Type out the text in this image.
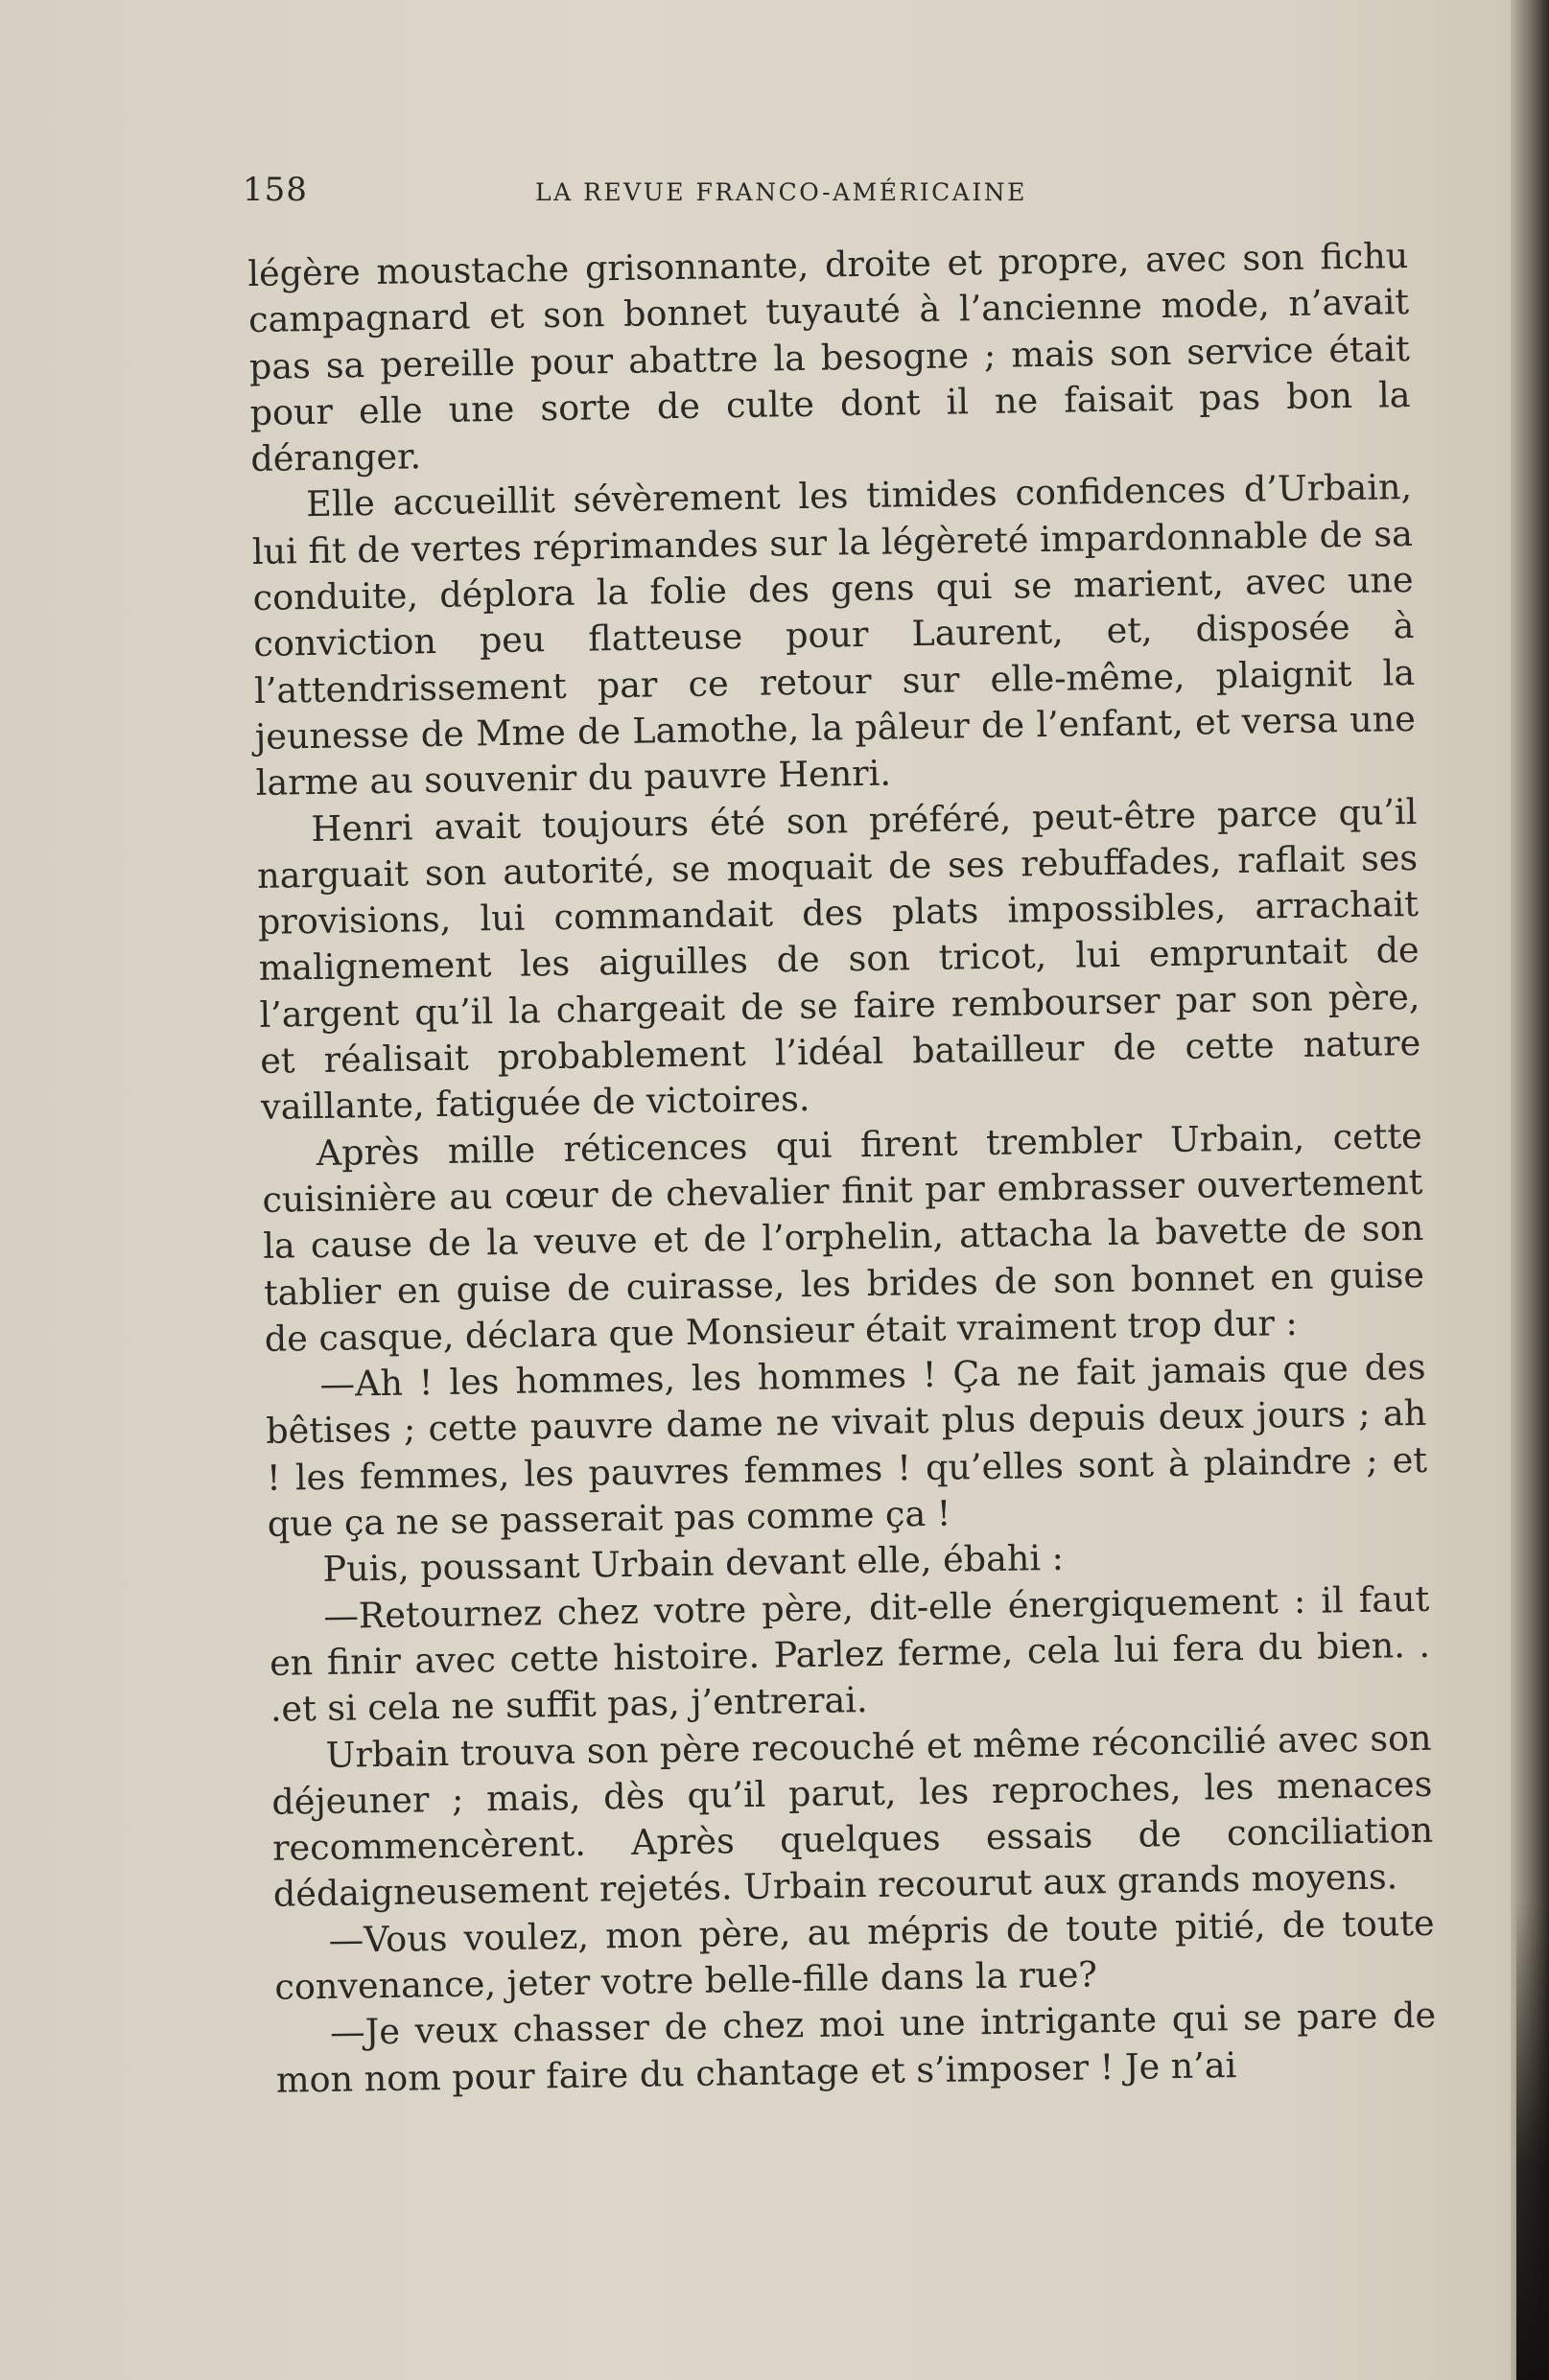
158	LA REVUE FRANCO-AMÉRICAINE

légère moustache grisonnante, droite et propre, avec son fichu campagnard et son bonnet tuyauté à l’ancienne mode, n’avait pas sa pereille pour abattre la besogne ; mais son service était pour elle une sorte de culte dont il ne faisait pas bon la déranger.

Elle accueillit sévèrement les timides confidences d’Urbain, lui fit de vertes réprimandes sur la légèreté impardonnable de sa conduite, déplora la folie des gens qui se marient, avec une conviction peu flatteuse pour Laurent, et, disposée à l’attendrissement par ce retour sur elle-même, plaignit la jeunesse de Mme de Lamothe, la pâleur de l’enfant, et versa une larme au souvenir du pauvre Henri.

Henri avait toujours été son préféré, peut-être parce qu’il narguait son autorité, se moquait de ses rebuffades, raflait ses provisions, lui commandait des plats impossibles, arrachait malignement les aiguilles de son tricot, lui empruntait de l’argent qu’il la chargeait de se faire rembourser par son père, et réalisait probablement l’idéal batailleur de cette nature vaillante, fatiguée de victoires.

Après mille réticences qui firent trembler Urbain, cette cuisinière au cœur de chevalier finit par embrasser ouvertement la cause de la veuve et de l’orphelin, attacha la bavette de son tablier en guise de cuirasse, les brides de son bonnet en guise de casque, déclara que Monsieur était vraiment trop dur :

—Ah ! les hommes, les hommes ! Ça ne fait jamais que des bêtises ; cette pauvre dame ne vivait plus depuis deux jours ; ah ! les femmes, les pauvres femmes ! qu’elles sont à plaindre ; et que ça ne se passerait pas comme ça !

Puis, poussant Urbain devant elle, ébahi :

—Retournez chez votre père, dit-elle énergiquement : il faut en finir avec cette histoire. Parlez ferme, cela lui fera du bien. . .et si cela ne suffit pas, j’entrerai.

Urbain trouva son père recouché et même réconcilié avec son déjeuner ; mais, dès qu’il parut, les reproches, les menaces recommencèrent. Après quelques essais de conciliation dédaigneusement rejetés. Urbain recourut aux grands moyens.

—Vous voulez, mon père, au mépris de toute pitié, de toute convenance, jeter votre belle-fille dans la rue?

—Je veux chasser de chez moi une intrigante qui se pare de mon nom pour faire du chantage et s’imposer ! Je n’ai
